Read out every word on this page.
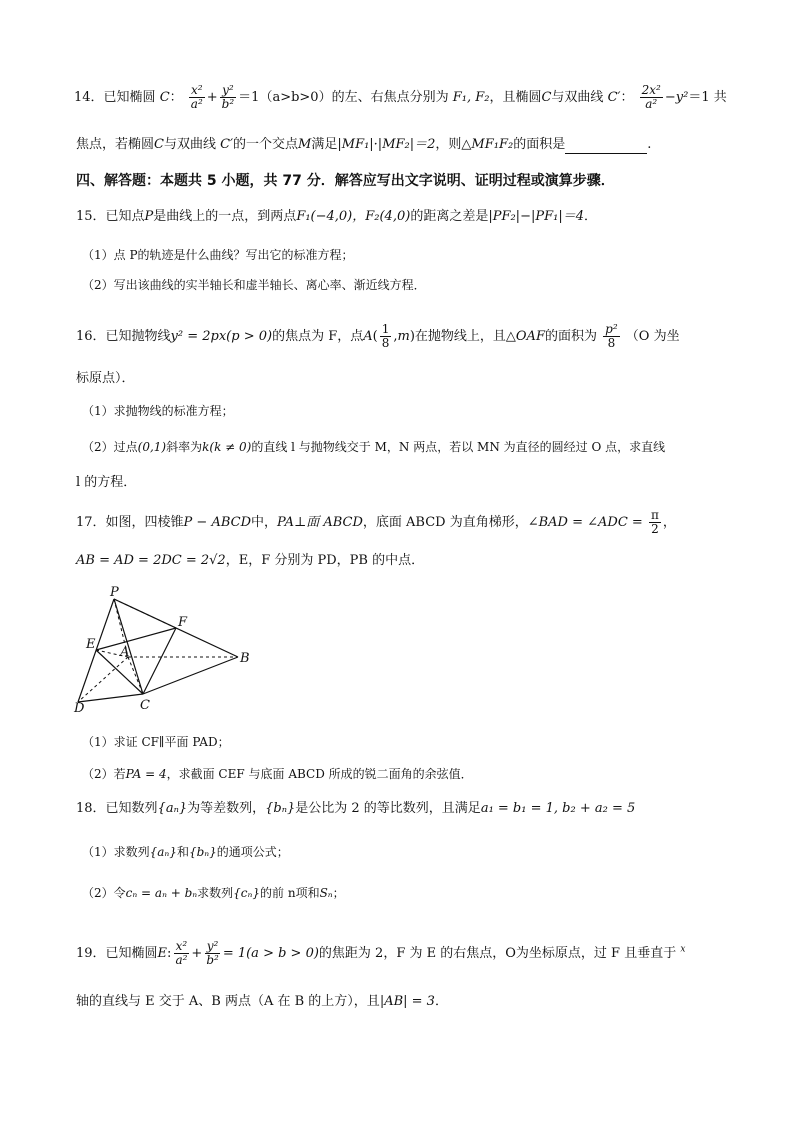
14．已知椭圆 C： $\frac{\text{x²}}{\text{a²}} + \frac{\text{y²}}{\text{b²}} =1(a>b>0)$的左、右焦点分别为 F₁, F₂，且椭圆C与双曲线 C′： $\frac{\text{2x²}}{\text{a²}} -y^2=1$ 共
焦点，若椭圆C与双曲线 C′的一个交点M满足|MF₁|·|MF₂|＝2，则△MF₁F₂的面积是	.
四、解答题：本题共 5 小题，共 77 分．解答应写出文字说明、证明过程或演算步骤．
15．已知点P是曲线上的一点，到两点F₁(−4,0)，F₂(4,0)的距离之差是|PF₂|−|PF₁|＝4．
（1）点 P的轨迹是什么曲线？写出它的标准方程；
（2）写出该曲线的实半轴长和虚半轴长、离心率、渐近线方程．
16．已知抛物线y² = 2px(p > 0)的焦点为 F，点$A( \frac{1}{8} ,m)$在抛物线上，且△OAF的面积为 $\frac{\text{p²}}{8} (O$ 为坐
标原点）．
（1）求抛物线的标准方程；
（2）过点(0,1)斜率为k(k ≠ 0)的直线 l 与抛物线交于 M，N 两点，若以 MN 为直径的圆经过 O 点，求直线
l 的方程．
17．如图，四棱锥P − ABCD中，PA⊥面 ABCD，底面 ABCD 为直角梯形，∠BAD = ∠ADC = $\frac{\pi}{2}$ ，
AB = AD = 2DC = 2√2，E，F 分别为 PD，PB 的中点．
P
E
F
A	B
D	C
（1）求证 CF∥平面 PAD；
（2）若PA = 4，求截面 CEF 与底面 ABCD 所成的锐二面角的余弦值．
18．已知数列{aₙ}为等差数列，{bₙ}是公比为 2 的等比数列，且满足a₁ = b₁ = 1, b₂ + a₂ = 5
（1）求数列{aₙ}和{bₙ}的通项公式；
（2）令cₙ = aₙ + bₙ求数列{cₙ}的前 n项和Sₙ；
19．已知椭圆E: $\frac{\text{x²}}{\text{a²}} + \frac{\text{y²}}{\text{b²}} = 1(a > b > 0)$的焦距为 2，F 为 E 的右焦点，O为坐标原点，过 F 且垂直于 $^x$
轴的直线与 E 交于 A、B 两点（A 在 B 的上方），且|AB| = 3．
